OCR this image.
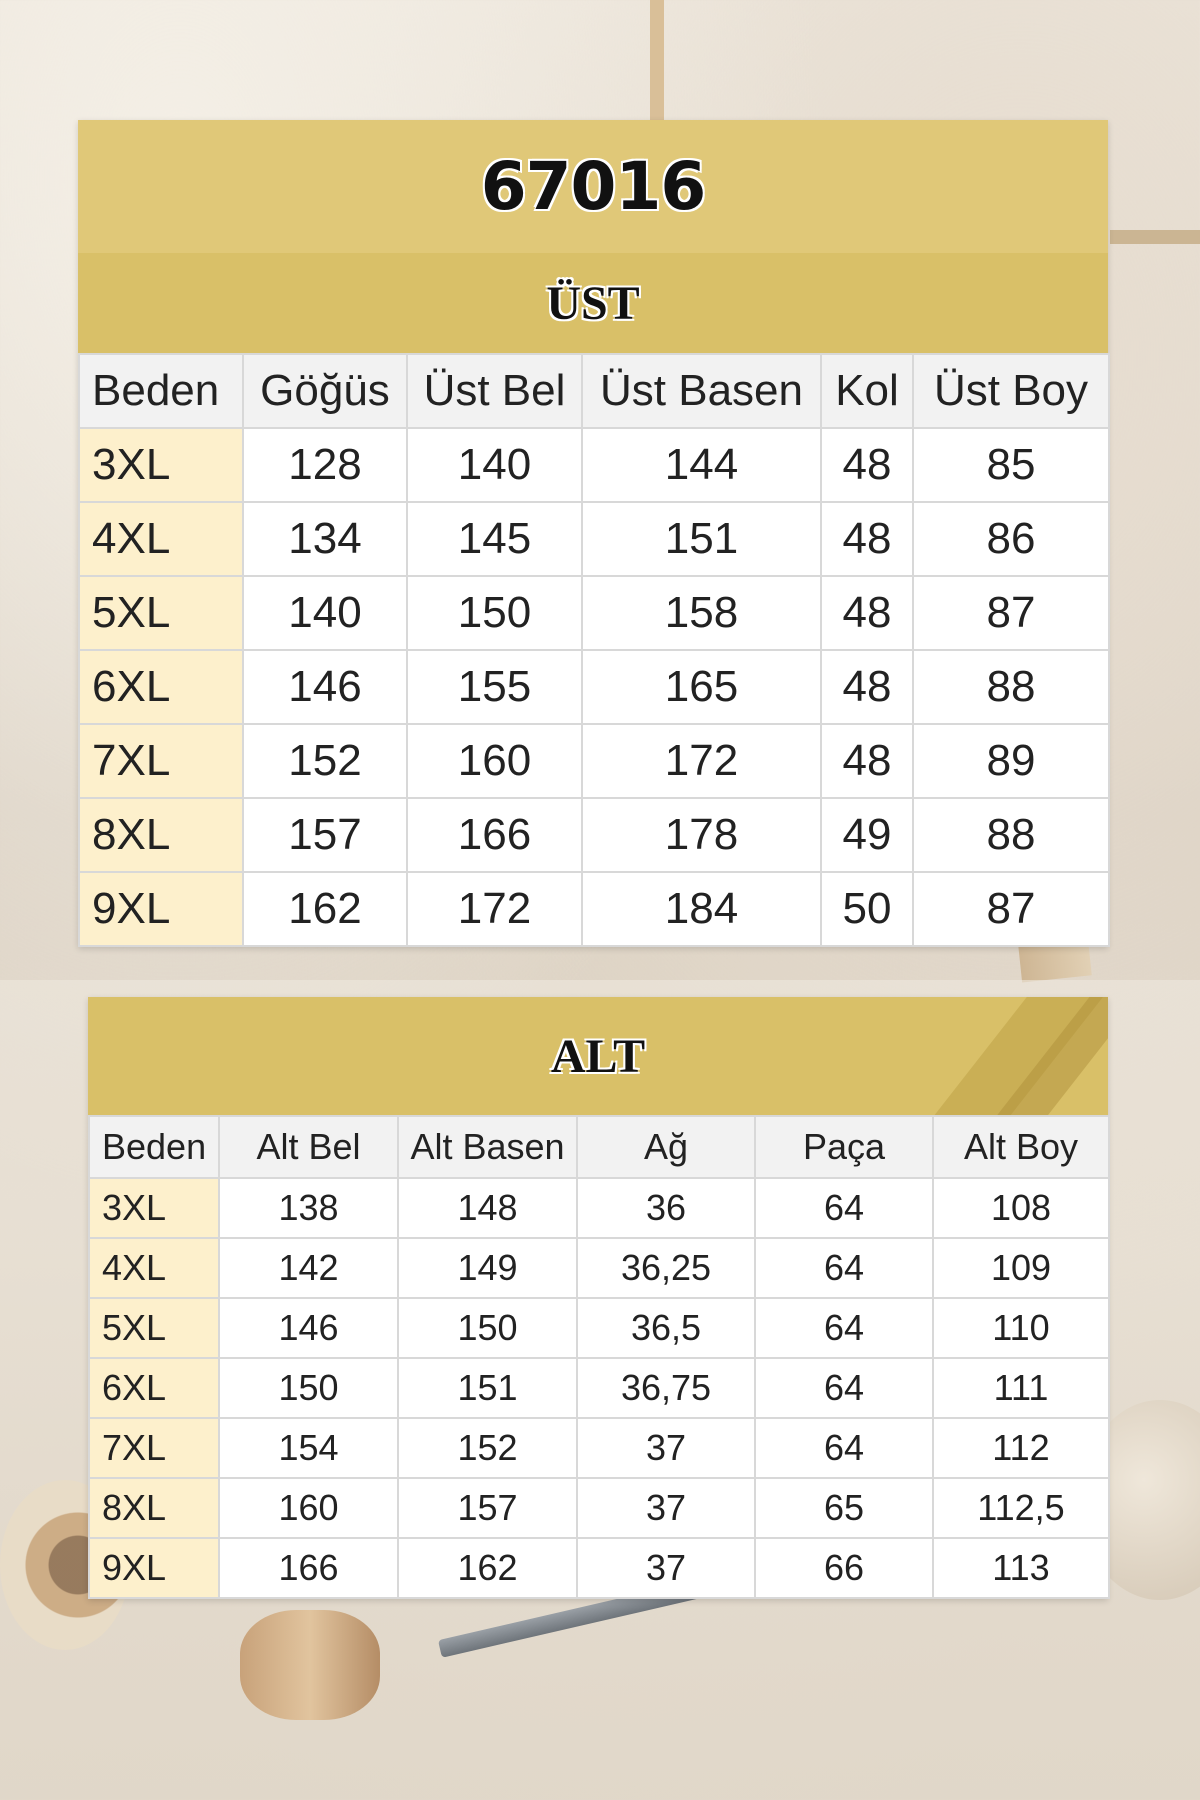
67016
ÜST
Beden	Göğüs	Üst Bel	Üst Basen	Kol	Üst Boy
3XL	128	140	144	48	85
4XL	134	145	151	48	86
5XL	140	150	158	48	87
6XL	146	155	165	48	88
7XL	152	160	172	48	89
8XL	157	166	178	49	88
9XL	162	172	184	50	87
ALT
Beden	Alt Bel	Alt Basen	Ağ	Paça	Alt Boy
3XL	138	148	36	64	108
4XL	142	149	36,25	64	109
5XL	146	150	36,5	64	110
6XL	150	151	36,75	64	111
7XL	154	152	37	64	112
8XL	160	157	37	65	112,5
9XL	166	162	37	66	113
